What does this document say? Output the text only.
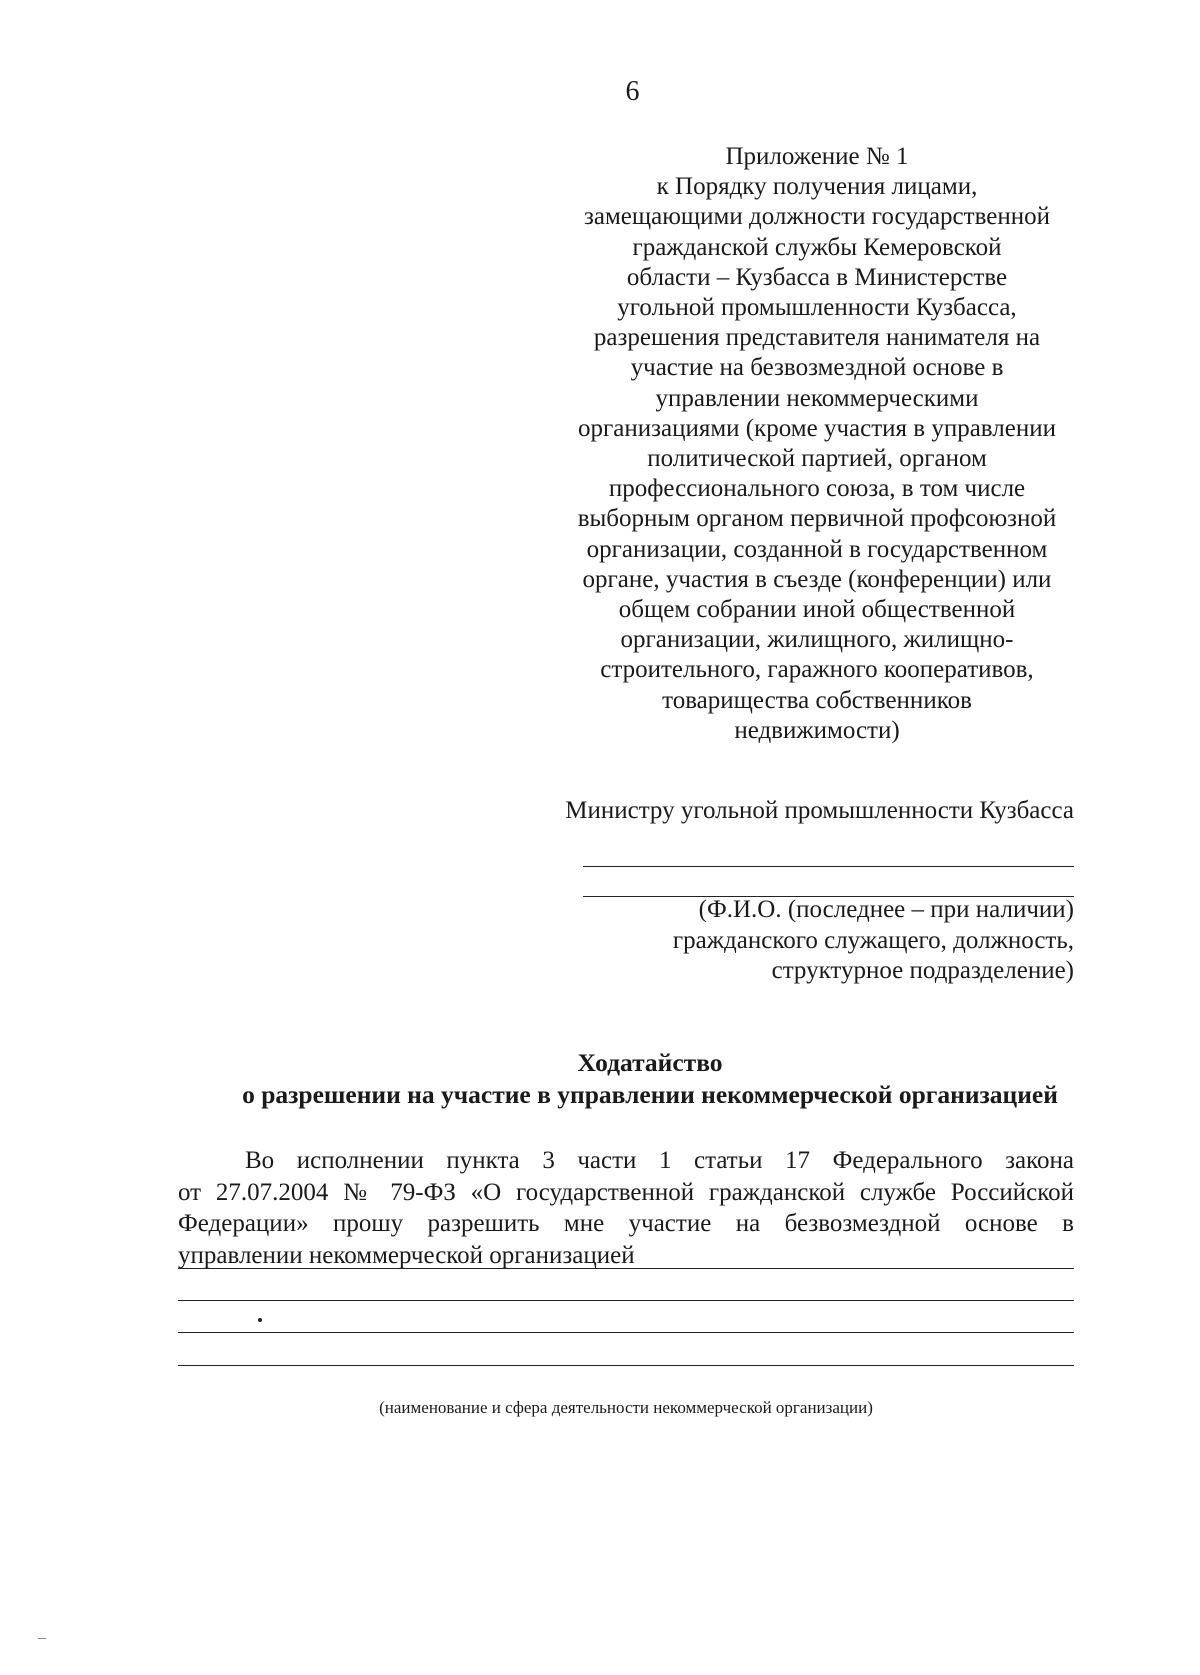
6
Приложение № 1
к Порядку получения лицами,
замещающими должности государственной
гражданской службы Кемеровской
области – Кузбасса в Министерстве
угольной промышленности Кузбасса,
разрешения представителя нанимателя на
участие на безвозмездной основе в
управлении некоммерческими
организациями (кроме участия в управлении
политической партией, органом
профессионального союза, в том числе
выборным органом первичной профсоюзной
организации, созданной в государственном
органе, участия в съезде (конференции) или
общем собрании иной общественной
организации, жилищного, жилищно-
строительного, гаражного кооперативов,
товарищества собственников
недвижимости)
Министру угольной промышленности Кузбасса
(Ф.И.О. (последнее – при наличии)
гражданского служащего, должность,
структурное подразделение)
Ходатайство
о разрешении на участие в управлении некоммерческой организацией
Во исполнении пункта 3 части 1 статьи 17 Федерального закона
от 27.07.2004 № 79-ФЗ «О государственной гражданской службе Российской
Федерации» прошу разрешить мне участие на безвозмездной основе в
управлении некоммерческой организацией
(наименование и сфера деятельности некоммерческой организации)
